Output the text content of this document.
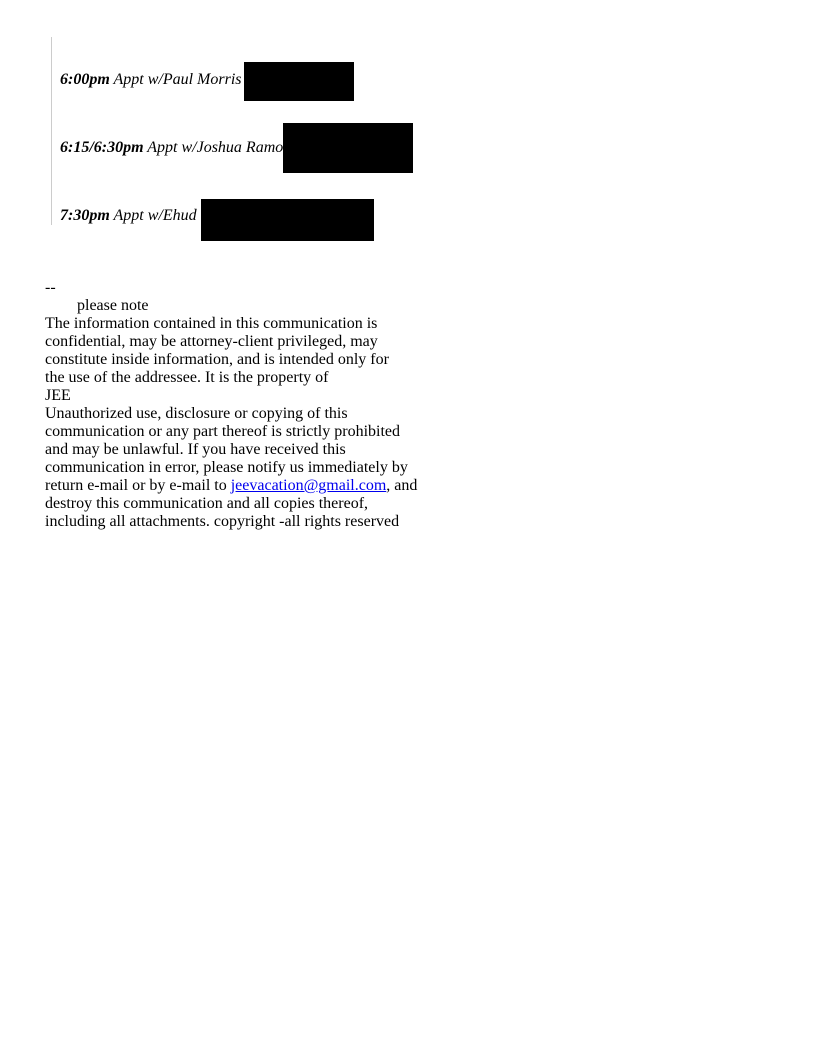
6:00pm Appt w/Paul Morris
6:15/6:30pm Appt w/Joshua Ramo
7:30pm Appt w/Ehud
--
please note
The information contained in this communication is
confidential, may be attorney-client privileged, may
constitute inside information, and is intended only for
the use of the addressee. It is the property of
JEE
Unauthorized use, disclosure or copying of this
communication or any part thereof is strictly prohibited
and may be unlawful. If you have received this
communication in error, please notify us immediately by
return e-mail or by e-mail to jeevacation@gmail.com, and
destroy this communication and all copies thereof,
including all attachments. copyright -all rights reserved
